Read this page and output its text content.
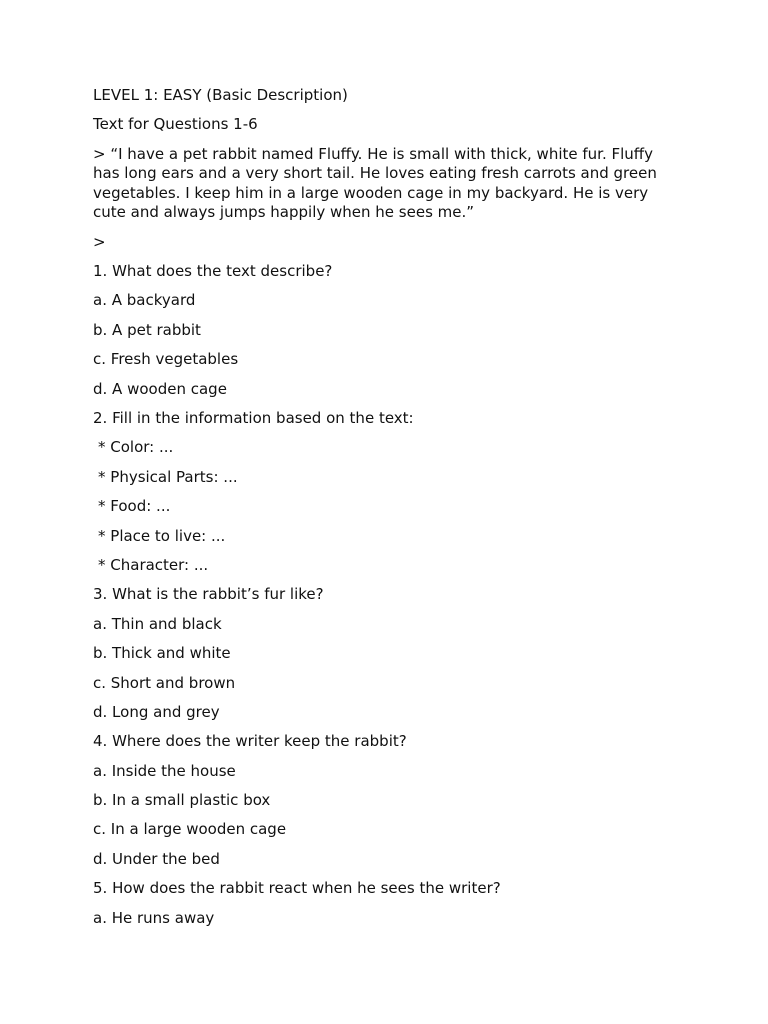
LEVEL 1: EASY (Basic Description)
Text for Questions 1-6
> “I have a pet rabbit named Fluffy. He is small with thick, white fur. Fluffy has long ears and a very short tail. He loves eating fresh carrots and green vegetables. I keep him in a large wooden cage in my backyard. He is very cute and always jumps happily when he sees me.”
>
1. What does the text describe?
a. A backyard
b. A pet rabbit
c. Fresh vegetables
d. A wooden cage
2. Fill in the information based on the text:
* Color: ...
* Physical Parts: ...
* Food: ...
* Place to live: ...
* Character: ...
3. What is the rabbit’s fur like?
a. Thin and black
b. Thick and white
c. Short and brown
d. Long and grey
4. Where does the writer keep the rabbit?
a. Inside the house
b. In a small plastic box
c. In a large wooden cage
d. Under the bed
5. How does the rabbit react when he sees the writer?
a. He runs away
